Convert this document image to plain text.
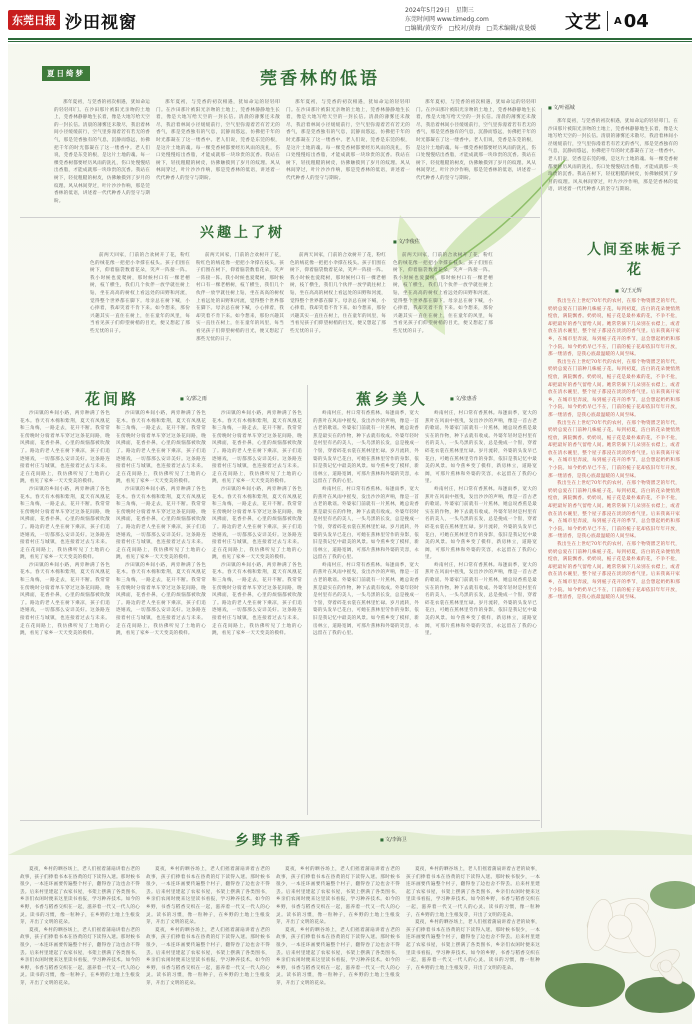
东莞日报 沙田视窗
2024年5月29日　星期三
东莞时间网 www.timedg.com
□编辑/黄安乔　□校对/黄海　□美术编辑/袁曼媛	文艺 A 04
夏日绮梦	莞香林的低语
■ 文/叶福城

那年夏初，与莞香的初次相遇，犹如命运的轻轻叩门。在沙田那片被阳光亲吻的土地上，莞香林静静地生长着，像是大地写给天空的一封长信。清晨的薄雾还未散尽，我沿着林间小径缓缓前行，空气里弥漫着若有若无的香气，那是莞香独有的气息，沉静而悠远，仿佛把千年的时光都凝在了这一缕香中。老人们说，莞香是东莞的根，是这片土地的魂。每一棵莞香树都要经历风雨的洗礼，伤口处慢慢结出香脂，才能成就那一块珍贵的沉香。我站在树下，轻抚粗糙的树皮，仿佛触摸到了岁月的纹理。风从林间穿过，叶片沙沙作响，那是莞香林的低语，讲述着一代代种香人的坚守与期盼。

那年夏初，与莞香的初次相遇，犹如命运的轻轻叩门。在沙田那片被阳光亲吻的土地上，莞香林静静地生长着，像是大地写给天空的一封长信。清晨的薄雾还未散尽，我沿着林间小径缓缓前行，空气里弥漫着若有若无的香气，那是莞香独有的气息，沉静而悠远，仿佛把千年的时光都凝在了这一缕香中。老人们说，莞香是东莞的根，是这片土地的魂。每一棵莞香树都要经历风雨的洗礼，伤口处慢慢结出香脂，才能成就那一块珍贵的沉香。我站在树下，轻抚粗糙的树皮，仿佛触摸到了岁月的纹理。风从林间穿过，叶片沙沙作响，那是莞香林的低语，讲述着一代代种香人的坚守与期盼。

那年夏初，与莞香的初次相遇，犹如命运的轻轻叩门。在沙田那片被阳光亲吻的土地上，莞香林静静地生长着，像是大地写给天空的一封长信。清晨的薄雾还未散尽，我沿着林间小径缓缓前行，空气里弥漫着若有若无的香气，那是莞香独有的气息，沉静而悠远，仿佛把千年的时光都凝在了这一缕香中。老人们说，莞香是东莞的根，是这片土地的魂。每一棵莞香树都要经历风雨的洗礼，伤口处慢慢结出香脂，才能成就那一块珍贵的沉香。我站在树下，轻抚粗糙的树皮，仿佛触摸到了岁月的纹理。风从林间穿过，叶片沙沙作响，那是莞香林的低语，讲述着一代代种香人的坚守与期盼。

那年夏初，与莞香的初次相遇，犹如命运的轻轻叩门。在沙田那片被阳光亲吻的土地上，莞香林静静地生长着，像是大地写给天空的一封长信。清晨的薄雾还未散尽，我沿着林间小径缓缓前行，空气里弥漫着若有若无的香气，那是莞香独有的气息，沉静而悠远，仿佛把千年的时光都凝在了这一缕香中。老人们说，莞香是东莞的根，是这片土地的魂。每一棵莞香树都要经历风雨的洗礼，伤口处慢慢结出香脂，才能成就那一块珍贵的沉香。我站在树下，轻抚粗糙的树皮，仿佛触摸到了岁月的纹理。风从林间穿过，叶片沙沙作响，那是莞香林的低语，讲述着一代代种香人的坚守与期盼。

那年夏初，与莞香的初次相遇，犹如命运的轻轻叩门。在沙田那片被阳光亲吻的土地上，莞香林静静地生长着，像是大地写给天空的一封长信。清晨的薄雾还未散尽，我沿着林间小径缓缓前行，空气里弥漫着若有若无的香气，那是莞香独有的气息，沉静而悠远，仿佛把千年的时光都凝在了这一缕香中。老人们说，莞香是东莞的根，是这片土地的魂。每一棵莞香树都要经历风雨的洗礼，伤口处慢慢结出香脂，才能成就那一块珍贵的沉香。我站在树下，轻抚粗糙的树皮，仿佛触摸到了岁月的纹理。风从林间穿过，叶片沙沙作响，那是莞香林的低语，讲述着一代代种香人的坚守与期盼。

兴趣上了树
■ 文/李俊佐

前两天回家，门前的合欢树开了花，粉红色的绒花像一把把小伞撑在枝头。孩子们围在树下，仰着脑袋数着花朵，笑声一阵接一阵。我小时候也爱爬树，那时候村口有一棵老榕树，枝丫横生，我们几个伙伴一放学就往树上钻，坐在高高的树杈上看远处的田野和河流，觉得整个世界都在脚下。母亲总在树下喊，小心摔着，我却笑着不肯下来。如今想来，那份兴趣其实一直住在树上，住在童年的风里，每当看见孩子们仰望树梢的目光，便又想起了那些无忧的日子。

前两天回家，门前的合欢树开了花，粉红色的绒花像一把把小伞撑在枝头。孩子们围在树下，仰着脑袋数着花朵，笑声一阵接一阵。我小时候也爱爬树，那时候村口有一棵老榕树，枝丫横生，我们几个伙伴一放学就往树上钻，坐在高高的树杈上看远处的田野和河流，觉得整个世界都在脚下。母亲总在树下喊，小心摔着，我却笑着不肯下来。如今想来，那份兴趣其实一直住在树上，住在童年的风里，每当看见孩子们仰望树梢的目光，便又想起了那些无忧的日子。

前两天回家，门前的合欢树开了花，粉红色的绒花像一把把小伞撑在枝头。孩子们围在树下，仰着脑袋数着花朵，笑声一阵接一阵。我小时候也爱爬树，那时候村口有一棵老榕树，枝丫横生，我们几个伙伴一放学就往树上钻，坐在高高的树杈上看远处的田野和河流，觉得整个世界都在脚下。母亲总在树下喊，小心摔着，我却笑着不肯下来。如今想来，那份兴趣其实一直住在树上，住在童年的风里，每当看见孩子们仰望树梢的目光，便又想起了那些无忧的日子。

前两天回家，门前的合欢树开了花，粉红色的绒花像一把把小伞撑在枝头。孩子们围在树下，仰着脑袋数着花朵，笑声一阵接一阵。我小时候也爱爬树，那时候村口有一棵老榕树，枝丫横生，我们几个伙伴一放学就往树上钻，坐在高高的树杈上看远处的田野和河流，觉得整个世界都在脚下。母亲总在树下喊，小心摔着，我却笑着不肯下来。如今想来，那份兴趣其实一直住在树上，住在童年的风里，每当看见孩子们仰望树梢的目光，便又想起了那些无忧的日子。

人间至味栀子花
■ 文/王元辉

我出生在上世纪70年代的农村，在那个物资匮乏的年代，奶奶总爱在门前种几株栀子花。每到初夏，洁白的花朵便悄然绽放，满院飘香。奶奶说，栀子花是最朴素的花，不争不抢，却把最好的香气留给人间。她常常摘下几朵别在衣襟上，或者放在清水碗里，整个屋子都浸在淡淡的香气里。后来我离开家乡，在城市里奔波，每到栀子花开的季节，总会想起奶奶和那个小院。如今奶奶早已不在，门前的栀子花却依旧年年开放，那一缕清香，是我心底最温暖的人间至味。

我出生在上世纪70年代的农村，在那个物资匮乏的年代，奶奶总爱在门前种几株栀子花。每到初夏，洁白的花朵便悄然绽放，满院飘香。奶奶说，栀子花是最朴素的花，不争不抢，却把最好的香气留给人间。她常常摘下几朵别在衣襟上，或者放在清水碗里，整个屋子都浸在淡淡的香气里。后来我离开家乡，在城市里奔波，每到栀子花开的季节，总会想起奶奶和那个小院。如今奶奶早已不在，门前的栀子花却依旧年年开放，那一缕清香，是我心底最温暖的人间至味。

我出生在上世纪70年代的农村，在那个物资匮乏的年代，奶奶总爱在门前种几株栀子花。每到初夏，洁白的花朵便悄然绽放，满院飘香。奶奶说，栀子花是最朴素的花，不争不抢，却把最好的香气留给人间。她常常摘下几朵别在衣襟上，或者放在清水碗里，整个屋子都浸在淡淡的香气里。后来我离开家乡，在城市里奔波，每到栀子花开的季节，总会想起奶奶和那个小院。如今奶奶早已不在，门前的栀子花却依旧年年开放，那一缕清香，是我心底最温暖的人间至味。

我出生在上世纪70年代的农村，在那个物资匮乏的年代，奶奶总爱在门前种几株栀子花。每到初夏，洁白的花朵便悄然绽放，满院飘香。奶奶说，栀子花是最朴素的花，不争不抢，却把最好的香气留给人间。她常常摘下几朵别在衣襟上，或者放在清水碗里，整个屋子都浸在淡淡的香气里。后来我离开家乡，在城市里奔波，每到栀子花开的季节，总会想起奶奶和那个小院。如今奶奶早已不在，门前的栀子花却依旧年年开放，那一缕清香，是我心底最温暖的人间至味。

我出生在上世纪70年代的农村，在那个物资匮乏的年代，奶奶总爱在门前种几株栀子花。每到初夏，洁白的花朵便悄然绽放，满院飘香。奶奶说，栀子花是最朴素的花，不争不抢，却把最好的香气留给人间。她常常摘下几朵别在衣襟上，或者放在清水碗里，整个屋子都浸在淡淡的香气里。后来我离开家乡，在城市里奔波，每到栀子花开的季节，总会想起奶奶和那个小院。如今奶奶早已不在，门前的栀子花却依旧年年开放，那一缕清香，是我心底最温暖的人间至味。

花间路	■ 文/郭之雨

沙田镇的乡间小路，两旁种满了各色花木。春天有木棉和紫荆，夏天有凤凰花和三角梅，一路走去，花开不断。我常常在傍晚时分骑着单车穿过这条花间路，晚风拂面，花香扑鼻，心里的烦恼都被吹散了。路边的老人坐在树下乘凉，孩子们追逐嬉戏，一切都那么安详美好。这条路连接着村庄与城镇，也连接着过去与未来。走在花间路上，我仿佛听见了土地的心跳，看见了家乡一天天变美的模样。

沙田镇的乡间小路，两旁种满了各色花木。春天有木棉和紫荆，夏天有凤凰花和三角梅，一路走去，花开不断。我常常在傍晚时分骑着单车穿过这条花间路，晚风拂面，花香扑鼻，心里的烦恼都被吹散了。路边的老人坐在树下乘凉，孩子们追逐嬉戏，一切都那么安详美好。这条路连接着村庄与城镇，也连接着过去与未来。走在花间路上，我仿佛听见了土地的心跳，看见了家乡一天天变美的模样。

沙田镇的乡间小路，两旁种满了各色花木。春天有木棉和紫荆，夏天有凤凰花和三角梅，一路走去，花开不断。我常常在傍晚时分骑着单车穿过这条花间路，晚风拂面，花香扑鼻，心里的烦恼都被吹散了。路边的老人坐在树下乘凉，孩子们追逐嬉戏，一切都那么安详美好。这条路连接着村庄与城镇，也连接着过去与未来。走在花间路上，我仿佛听见了土地的心跳，看见了家乡一天天变美的模样。

沙田镇的乡间小路，两旁种满了各色花木。春天有木棉和紫荆，夏天有凤凰花和三角梅，一路走去，花开不断。我常常在傍晚时分骑着单车穿过这条花间路，晚风拂面，花香扑鼻，心里的烦恼都被吹散了。路边的老人坐在树下乘凉，孩子们追逐嬉戏，一切都那么安详美好。这条路连接着村庄与城镇，也连接着过去与未来。走在花间路上，我仿佛听见了土地的心跳，看见了家乡一天天变美的模样。

沙田镇的乡间小路，两旁种满了各色花木。春天有木棉和紫荆，夏天有凤凰花和三角梅，一路走去，花开不断。我常常在傍晚时分骑着单车穿过这条花间路，晚风拂面，花香扑鼻，心里的烦恼都被吹散了。路边的老人坐在树下乘凉，孩子们追逐嬉戏，一切都那么安详美好。这条路连接着村庄与城镇，也连接着过去与未来。走在花间路上，我仿佛听见了土地的心跳，看见了家乡一天天变美的模样。

沙田镇的乡间小路，两旁种满了各色花木。春天有木棉和紫荆，夏天有凤凰花和三角梅，一路走去，花开不断。我常常在傍晚时分骑着单车穿过这条花间路，晚风拂面，花香扑鼻，心里的烦恼都被吹散了。路边的老人坐在树下乘凉，孩子们追逐嬉戏，一切都那么安详美好。这条路连接着村庄与城镇，也连接着过去与未来。走在花间路上，我仿佛听见了土地的心跳，看见了家乡一天天变美的模样。

沙田镇的乡间小路，两旁种满了各色花木。春天有木棉和紫荆，夏天有凤凰花和三角梅，一路走去，花开不断。我常常在傍晚时分骑着单车穿过这条花间路，晚风拂面，花香扑鼻，心里的烦恼都被吹散了。路边的老人坐在树下乘凉，孩子们追逐嬉戏，一切都那么安详美好。这条路连接着村庄与城镇，也连接着过去与未来。走在花间路上，我仿佛听见了土地的心跳，看见了家乡一天天变美的模样。

沙田镇的乡间小路，两旁种满了各色花木。春天有木棉和紫荆，夏天有凤凰花和三角梅，一路走去，花开不断。我常常在傍晚时分骑着单车穿过这条花间路，晚风拂面，花香扑鼻，心里的烦恼都被吹散了。路边的老人坐在树下乘凉，孩子们追逐嬉戏，一切都那么安详美好。这条路连接着村庄与城镇，也连接着过去与未来。走在花间路上，我仿佛听见了土地的心跳，看见了家乡一天天变美的模样。

沙田镇的乡间小路，两旁种满了各色花木。春天有木棉和紫荆，夏天有凤凰花和三角梅，一路走去，花开不断。我常常在傍晚时分骑着单车穿过这条花间路，晚风拂面，花香扑鼻，心里的烦恼都被吹散了。路边的老人坐在树下乘凉，孩子们追逐嬉戏，一切都那么安详美好。这条路连接着村庄与城镇，也连接着过去与未来。走在花间路上，我仿佛听见了土地的心跳，看见了家乡一天天变美的模样。

蕉乡美人	■ 文/张惠香

岭南村庄，村口常有香蕉林。每逢雨季，宽大的蕉叶在风雨中摇曳，发出沙沙的声响，像是一首古老的歌谣。外婆家门前就有一片蕉林，她总说香蕉是最实在的作物，种下去就有收成。外婆年轻时是村里有名的美人，一头乌黑的长发，总是挽成一个髻，穿着碎花衣裳在蕉林里忙碌。岁月流转，外婆的头发早已花白，可她在蕉林里劳作的身影，依旧是我记忆中最美的风景。如今蕉乡变了模样，新房林立，道路宽阔，可那片蕉林和外婆的笑容，永远留在了我的心里。

岭南村庄，村口常有香蕉林。每逢雨季，宽大的蕉叶在风雨中摇曳，发出沙沙的声响，像是一首古老的歌谣。外婆家门前就有一片蕉林，她总说香蕉是最实在的作物，种下去就有收成。外婆年轻时是村里有名的美人，一头乌黑的长发，总是挽成一个髻，穿着碎花衣裳在蕉林里忙碌。岁月流转，外婆的头发早已花白，可她在蕉林里劳作的身影，依旧是我记忆中最美的风景。如今蕉乡变了模样，新房林立，道路宽阔，可那片蕉林和外婆的笑容，永远留在了我的心里。

岭南村庄，村口常有香蕉林。每逢雨季，宽大的蕉叶在风雨中摇曳，发出沙沙的声响，像是一首古老的歌谣。外婆家门前就有一片蕉林，她总说香蕉是最实在的作物，种下去就有收成。外婆年轻时是村里有名的美人，一头乌黑的长发，总是挽成一个髻，穿着碎花衣裳在蕉林里忙碌。岁月流转，外婆的头发早已花白，可她在蕉林里劳作的身影，依旧是我记忆中最美的风景。如今蕉乡变了模样，新房林立，道路宽阔，可那片蕉林和外婆的笑容，永远留在了我的心里。

岭南村庄，村口常有香蕉林。每逢雨季，宽大的蕉叶在风雨中摇曳，发出沙沙的声响，像是一首古老的歌谣。外婆家门前就有一片蕉林，她总说香蕉是最实在的作物，种下去就有收成。外婆年轻时是村里有名的美人，一头乌黑的长发，总是挽成一个髻，穿着碎花衣裳在蕉林里忙碌。岁月流转，外婆的头发早已花白，可她在蕉林里劳作的身影，依旧是我记忆中最美的风景。如今蕉乡变了模样，新房林立，道路宽阔，可那片蕉林和外婆的笑容，永远留在了我的心里。

岭南村庄，村口常有香蕉林。每逢雨季，宽大的蕉叶在风雨中摇曳，发出沙沙的声响，像是一首古老的歌谣。外婆家门前就有一片蕉林，她总说香蕉是最实在的作物，种下去就有收成。外婆年轻时是村里有名的美人，一头乌黑的长发，总是挽成一个髻，穿着碎花衣裳在蕉林里忙碌。岁月流转，外婆的头发早已花白，可她在蕉林里劳作的身影，依旧是我记忆中最美的风景。如今蕉乡变了模样，新房林立，道路宽阔，可那片蕉林和外婆的笑容，永远留在了我的心里。

岭南村庄，村口常有香蕉林。每逢雨季，宽大的蕉叶在风雨中摇曳，发出沙沙的声响，像是一首古老的歌谣。外婆家门前就有一片蕉林，她总说香蕉是最实在的作物，种下去就有收成。外婆年轻时是村里有名的美人，一头乌黑的长发，总是挽成一个髻，穿着碎花衣裳在蕉林里忙碌。岁月流转，外婆的头发早已花白，可她在蕉林里劳作的身影，依旧是我记忆中最美的风景。如今蕉乡变了模样，新房林立，道路宽阔，可那片蕉林和外婆的笑容，永远留在了我的心里。

乡野书香	■ 文/李海卫

夏夜，乡村的晒谷场上，老人们摇着蒲扇讲着古老的故事，孩子们捧着书本在昏黄的灯下读得入迷。那时候书很少，一本连环画要传遍整个村子，翻得卷了边也舍不得丢。后来村里建起了农家书屋，书架上摆满了各类图书，乡亲们农闲时便来这里读书看报，学习种养技术。如今的乡野，书香与稻香交织在一起，滋养着一代又一代人的心灵。读书的习惯，像一粒种子，在乡野的土地上生根发芽，开出了文明的花朵。

夏夜，乡村的晒谷场上，老人们摇着蒲扇讲着古老的故事，孩子们捧着书本在昏黄的灯下读得入迷。那时候书很少，一本连环画要传遍整个村子，翻得卷了边也舍不得丢。后来村里建起了农家书屋，书架上摆满了各类图书，乡亲们农闲时便来这里读书看报，学习种养技术。如今的乡野，书香与稻香交织在一起，滋养着一代又一代人的心灵。读书的习惯，像一粒种子，在乡野的土地上生根发芽，开出了文明的花朵。

夏夜，乡村的晒谷场上，老人们摇着蒲扇讲着古老的故事，孩子们捧着书本在昏黄的灯下读得入迷。那时候书很少，一本连环画要传遍整个村子，翻得卷了边也舍不得丢。后来村里建起了农家书屋，书架上摆满了各类图书，乡亲们农闲时便来这里读书看报，学习种养技术。如今的乡野，书香与稻香交织在一起，滋养着一代又一代人的心灵。读书的习惯，像一粒种子，在乡野的土地上生根发芽，开出了文明的花朵。

夏夜，乡村的晒谷场上，老人们摇着蒲扇讲着古老的故事，孩子们捧着书本在昏黄的灯下读得入迷。那时候书很少，一本连环画要传遍整个村子，翻得卷了边也舍不得丢。后来村里建起了农家书屋，书架上摆满了各类图书，乡亲们农闲时便来这里读书看报，学习种养技术。如今的乡野，书香与稻香交织在一起，滋养着一代又一代人的心灵。读书的习惯，像一粒种子，在乡野的土地上生根发芽，开出了文明的花朵。

夏夜，乡村的晒谷场上，老人们摇着蒲扇讲着古老的故事，孩子们捧着书本在昏黄的灯下读得入迷。那时候书很少，一本连环画要传遍整个村子，翻得卷了边也舍不得丢。后来村里建起了农家书屋，书架上摆满了各类图书，乡亲们农闲时便来这里读书看报，学习种养技术。如今的乡野，书香与稻香交织在一起，滋养着一代又一代人的心灵。读书的习惯，像一粒种子，在乡野的土地上生根发芽，开出了文明的花朵。

夏夜，乡村的晒谷场上，老人们摇着蒲扇讲着古老的故事，孩子们捧着书本在昏黄的灯下读得入迷。那时候书很少，一本连环画要传遍整个村子，翻得卷了边也舍不得丢。后来村里建起了农家书屋，书架上摆满了各类图书，乡亲们农闲时便来这里读书看报，学习种养技术。如今的乡野，书香与稻香交织在一起，滋养着一代又一代人的心灵。读书的习惯，像一粒种子，在乡野的土地上生根发芽，开出了文明的花朵。

夏夜，乡村的晒谷场上，老人们摇着蒲扇讲着古老的故事，孩子们捧着书本在昏黄的灯下读得入迷。那时候书很少，一本连环画要传遍整个村子，翻得卷了边也舍不得丢。后来村里建起了农家书屋，书架上摆满了各类图书，乡亲们农闲时便来这里读书看报，学习种养技术。如今的乡野，书香与稻香交织在一起，滋养着一代又一代人的心灵。读书的习惯，像一粒种子，在乡野的土地上生根发芽，开出了文明的花朵。

夏夜，乡村的晒谷场上，老人们摇着蒲扇讲着古老的故事，孩子们捧着书本在昏黄的灯下读得入迷。那时候书很少，一本连环画要传遍整个村子，翻得卷了边也舍不得丢。后来村里建起了农家书屋，书架上摆满了各类图书，乡亲们农闲时便来这里读书看报，学习种养技术。如今的乡野，书香与稻香交织在一起，滋养着一代又一代人的心灵。读书的习惯，像一粒种子，在乡野的土地上生根发芽，开出了文明的花朵。
